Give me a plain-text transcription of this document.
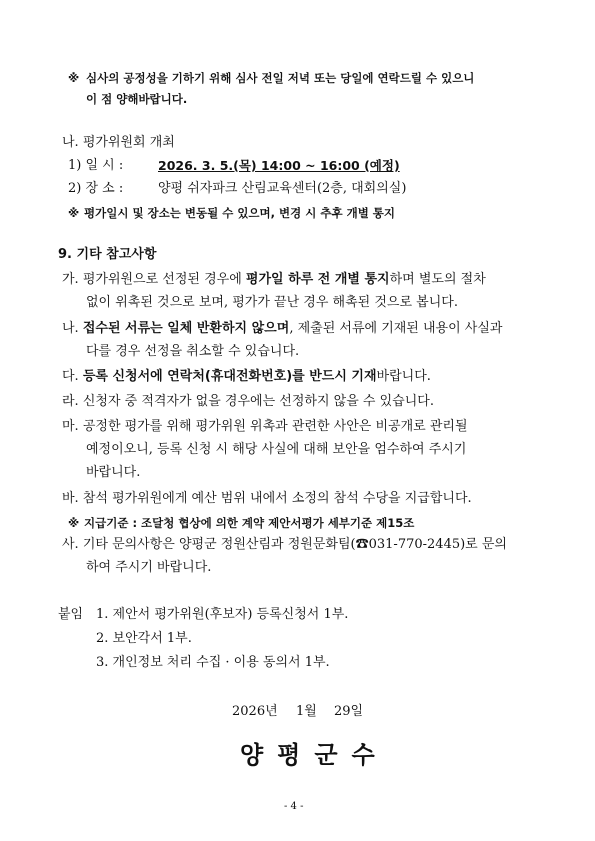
※ 심사의 공정성을 기하기 위해 심사 전일 저녁 또는 당일에 연락드릴 수 있으니
이 점 양해바랍니다.
나. 평가위원회 개최
1) 일 시 :	2026. 3. 5.(목) 14:00 ~ 16:00 (예정)
2) 장 소 :	양평 쉬자파크 산림교육센터(2층, 대회의실)
※ 평가일시 및 장소는 변동될 수 있으며, 변경 시 추후 개별 통지
9. 기타 참고사항
가. 평가위원으로 선정된 경우에 평가일 하루 전 개별 통지하며 별도의 절차
없이 위촉된 것으로 보며, 평가가 끝난 경우 해촉된 것으로 봅니다.
나. 접수된 서류는 일체 반환하지 않으며, 제출된 서류에 기재된 내용이 사실과
다를 경우 선정을 취소할 수 있습니다.
다. 등록 신청서에 연락처(휴대전화번호)를 반드시 기재바랍니다.
라. 신청자 중 적격자가 없을 경우에는 선정하지 않을 수 있습니다.
마. 공정한 평가를 위해 평가위원 위촉과 관련한 사안은 비공개로 관리될
예정이오니, 등록 신청 시 해당 사실에 대해 보안을 엄수하여 주시기
바랍니다.
바. 참석 평가위원에게 예산 범위 내에서 소정의 참석 수당을 지급합니다.
※ 지급기준 : 조달청 협상에 의한 계약 제안서평가 세부기준 제15조
사. 기타 문의사항은 양평군 정원산림과 정원문화팀(☎031-770-2445)로 문의
하여 주시기 바랍니다.
붙임 1. 제안서 평가위원(후보자) 등록신청서 1부.
2. 보안각서 1부.
3. 개인정보 처리 수집 · 이용 동의서 1부.
2026년 1월 29일
양평군수
- 4 -
